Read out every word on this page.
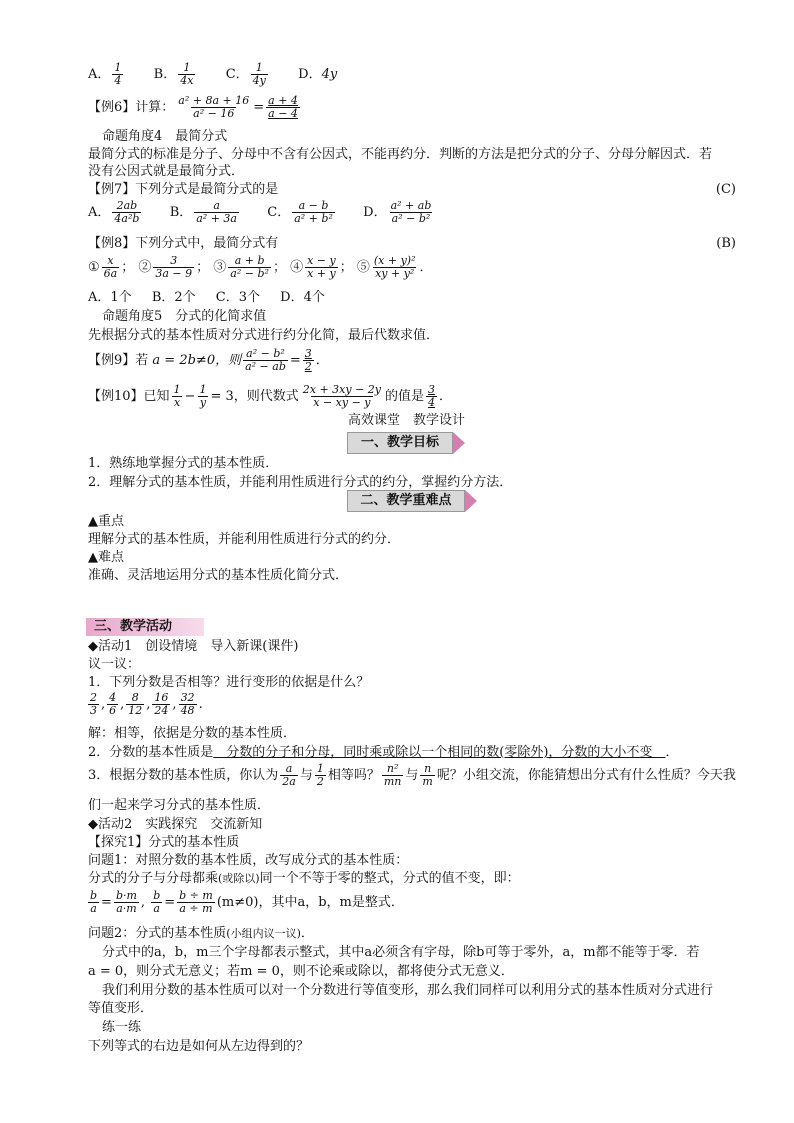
A． $\frac{1}{4}$ B． $\frac{1}{4x}$ C． $\frac{1}{4y}$ D．4y
【例6】计算： $\frac{\text{a² + 8a + 16}}{\text{a² − 16}} = \frac{a + 4}{a - 4}$
命题角度4　最简分式
最简分式的标准是分子、分母中不含有公因式，不能再约分．判断的方法是把分式的分子、分母分解因式．若
没有公因式就是最简分式．
【例7】下列分式是最简分式的是	(C)
A． $\frac{2ab}{\text{4a²b}}$ B． $\frac{a}{\text{a² + 3a}}$ C． $\frac{a - b}{\text{a² + b²}}$ D． $\frac{\text{a² + ab}}{\text{a² − b²}}$
【例8】下列分式中，最简分式有	(B)
① $\frac{x}{6a}$ ； ② $\frac{3}{3a - 9}$ ； ③ $\frac{a + b}{\text{a² − b²}}$ ； ④ $\frac{x - y}{x + y}$ ； ⑤ $\frac{\text{(x + y)²}}{\text{xy + y²}}$ ．
A．1个 B．2个 C．3个 D．4个
命题角度5　分式的化简求值
先根据分式的基本性质对分式进行约分化简，最后代数求值．
【例9】若 a = 2b≠0，则 $\frac{\text{a² − b²}}{\text{a² − ab}} = \frac{3}{2}$ ．
【例10】已知 $\frac{1}{x} - \frac{1}{y} = 3$，则代数式 $\frac{2x + 3xy - 2y}{x - xy - y}$ 的值是 $\frac{3}{4}$ ．
高效课堂　教学设计
一、教学目标
1．熟练地掌握分式的基本性质．
2．理解分式的基本性质，并能利用性质进行分式的约分，掌握约分方法．
二、教学重难点
▲重点
理解分式的基本性质，并能利用性质进行分式的约分．
▲难点
准确、灵活地运用分式的基本性质化简分式．
三、教学活动
◆活动1　创设情境　导入新课(课件)
议一议：
1．下列分数是否相等？进行变形的依据是什么？
$\frac{2}{3}$ , $\frac{4}{6}$ , $\frac{8}{12}$ , $\frac{16}{24}$ , $\frac{32}{48}$ .
解：相等，依据是分数的基本性质．
2．分数的基本性质是　分数的分子和分母，同时乘或除以一个相同的数(零除外)，分数的大小不变　．
3．根据分数的基本性质，你认为 $\frac{a}{2a}$ 与 $\frac{1}{2}$ 相等吗？ $\frac{\text{n²}}{mn}$ 与 $\frac{n}{m}$ 呢？小组交流，你能猜想出分式有什么性质？今天我
们一起来学习分式的基本性质．
◆活动2　实践探究　交流新知
【探究1】分式的基本性质
问题1：对照分数的基本性质，改写成分式的基本性质：
分式的分子与分母都乘(或除以)同一个不等于零的整式，分式的值不变，即：
$\frac{b}{a} = \frac{b\cdot m}{a\cdot m}$ , $\frac{b}{a} = \frac{b \div m}{a \div m} (m\ne 0)$，其中a，b，m是整式．
问题2：分式的基本性质(小组内议一议)．
分式中的a，b，m三个字母都表示整式，其中a必须含有字母，除b可等于零外，a，m都不能等于零．若
a = 0，则分式无意义；若m = 0，则不论乘或除以，都将使分式无意义．
我们利用分数的基本性质可以对一个分数进行等值变形，那么我们同样可以利用分式的基本性质对分式进行
等值变形．
练一练
下列等式的右边是如何从左边得到的？
